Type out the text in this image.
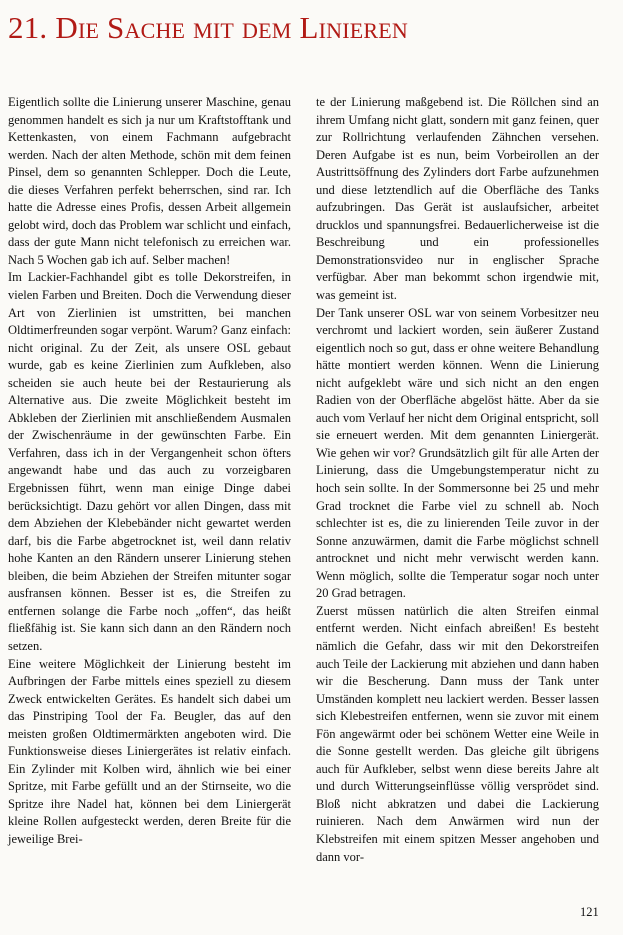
21. Die Sache mit dem Linieren

Eigentlich sollte die Linierung unserer Maschine, genau genommen handelt es sich ja nur um Kraftstofftank und Kettenkasten, von einem Fachmann aufgebracht werden. Nach der alten Methode, schön mit dem feinen Pinsel, dem so genannten Schlepper. Doch die Leute, die dieses Verfahren perfekt beherrschen, sind rar. Ich hatte die Adresse eines Profis, dessen Arbeit allgemein gelobt wird, doch das Problem war schlicht und einfach, dass der gute Mann nicht telefonisch zu erreichen war. Nach 5 Wochen gab ich auf. Selber machen!

Im Lackier-Fachhandel gibt es tolle Dekorstreifen, in vielen Farben und Breiten. Doch die Verwendung dieser Art von Zierlinien ist umstritten, bei manchen Oldtimerfreunden sogar verpönt. Warum? Ganz einfach: nicht original. Zu der Zeit, als unsere OSL gebaut wurde, gab es keine Zierlinien zum Aufkleben, also scheiden sie auch heute bei der Restaurierung als Alternative aus. Die zweite Möglichkeit besteht im Abkleben der Zierlinien mit anschließendem Ausmalen der Zwischenräume in der gewünschten Farbe. Ein Verfahren, dass ich in der Vergangenheit schon öfters angewandt habe und das auch zu vorzeigbaren Ergebnissen führt, wenn man einige Dinge dabei berücksichtigt. Dazu gehört vor allen Dingen, dass mit dem Abziehen der Klebebänder nicht gewartet werden darf, bis die Farbe abgetrocknet ist, weil dann relativ hohe Kanten an den Rändern unserer Linierung stehen bleiben, die beim Abziehen der Streifen mitunter sogar ausfransen können. Besser ist es, die Streifen zu entfernen solange die Farbe noch „offen“, das heißt fließfähig ist. Sie kann sich dann an den Rändern noch setzen.

Eine weitere Möglichkeit der Linierung besteht im Aufbringen der Farbe mittels eines speziell zu diesem Zweck entwickelten Gerätes. Es handelt sich dabei um das Pinstriping Tool der Fa. Beugler, das auf den meisten großen Oldtimermärkten angeboten wird. Die Funktionsweise dieses Liniergerätes ist relativ einfach. Ein Zylinder mit Kolben wird, ähnlich wie bei einer Spritze, mit Farbe gefüllt und an der Stirnseite, wo die Spritze ihre Nadel hat, können bei dem Liniergerät kleine Rollen aufgesteckt werden, deren Breite für die jeweilige Brei-

te der Linierung maßgebend ist. Die Röllchen sind an ihrem Umfang nicht glatt, sondern mit ganz feinen, quer zur Rollrichtung verlaufenden Zähnchen versehen. Deren Aufgabe ist es nun, beim Vorbeirollen an der Austrittsöffnung des Zylinders dort Farbe aufzunehmen und diese letztendlich auf die Oberfläche des Tanks aufzubringen. Das Gerät ist auslaufsicher, arbeitet drucklos und spannungsfrei. Bedauerlicherweise ist die Beschreibung und ein professionelles Demonstrationsvideo nur in englischer Sprache verfügbar. Aber man bekommt schon irgendwie mit, was gemeint ist.

Der Tank unserer OSL war von seinem Vorbesitzer neu verchromt und lackiert worden, sein äußerer Zustand eigentlich noch so gut, dass er ohne weitere Behandlung hätte montiert werden können. Wenn die Linierung nicht aufgeklebt wäre und sich nicht an den engen Radien von der Oberfläche abgelöst hätte. Aber da sie auch vom Verlauf her nicht dem Original entspricht, soll sie erneuert werden. Mit dem genannten Liniergerät. Wie gehen wir vor? Grundsätzlich gilt für alle Arten der Linierung, dass die Umgebungstemperatur nicht zu hoch sein sollte. In der Sommersonne bei 25 und mehr Grad trocknet die Farbe viel zu schnell ab. Noch schlechter ist es, die zu linierenden Teile zuvor in der Sonne anzuwärmen, damit die Farbe möglichst schnell antrocknet und nicht mehr verwischt werden kann. Wenn möglich, sollte die Temperatur sogar noch unter 20 Grad betragen.

Zuerst müssen natürlich die alten Streifen einmal entfernt werden. Nicht einfach abreißen! Es besteht nämlich die Gefahr, dass wir mit den Dekorstreifen auch Teile der Lackierung mit abziehen und dann haben wir die Bescherung. Dann muss der Tank unter Umständen komplett neu lackiert werden. Besser lassen sich Klebestreifen entfernen, wenn sie zuvor mit einem Fön angewärmt oder bei schönem Wetter eine Weile in die Sonne gestellt werden. Das gleiche gilt übrigens auch für Aufkleber, selbst wenn diese bereits Jahre alt und durch Witterungseinflüsse völlig versprödet sind. Bloß nicht abkratzen und dabei die Lackierung ruinieren. Nach dem Anwärmen wird nun der Klebstreifen mit einem spitzen Messer angehoben und dann vor-

121
